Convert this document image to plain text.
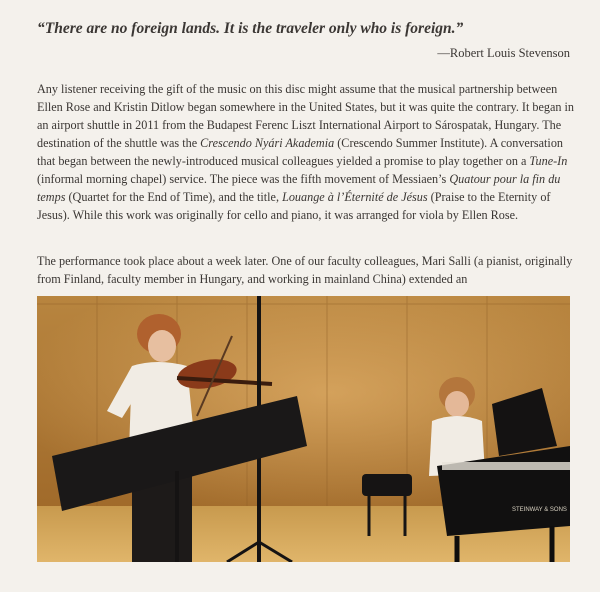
“There are no foreign lands. It is the traveler only who is foreign.”

—Robert Louis Stevenson

Any listener receiving the gift of the music on this disc might assume that the musical partnership between Ellen Rose and Kristin Ditlow began somewhere in the United States, but it was quite the contrary. It began in an airport shuttle in 2011 from the Budapest Ferenc Liszt International Airport to Sárospatak, Hungary. The destination of the shuttle was the Crescendo Nyári Akademia (Crescendo Summer Institute). A conversation that began between the newly-introduced musical colleagues yielded a promise to play together on a Tune-In (informal morning chapel) service. The piece was the fifth movement of Messiaen’s Quatour pour la fin du temps (Quartet for the End of Time), and the title, Louange à l’Éternité de Jésus (Praise to the Eternity of Jesus). While this work was originally for cello and piano, it was arranged for viola by Ellen Rose.

The performance took place about a week later. One of our faculty colleagues, Mari Salli (a pianist, originally from Finland, faculty member in Hungary, and working in mainland China) extended an

STEINWAY & SONS
